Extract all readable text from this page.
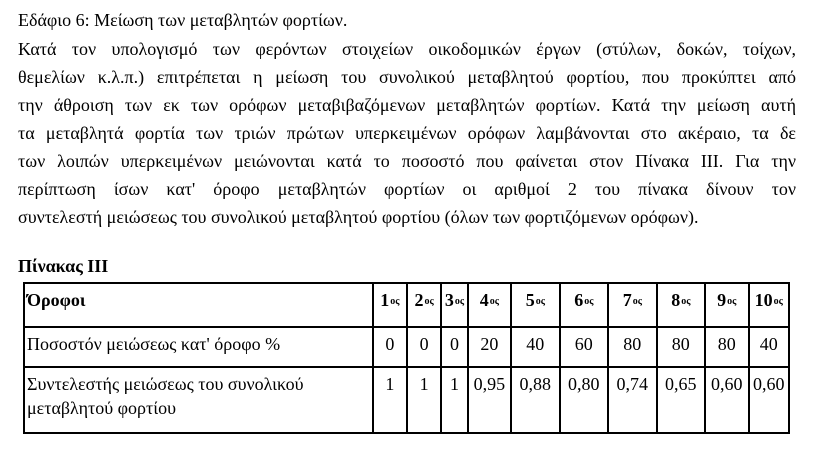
Εδάφιο 6: Μείωση των μεταβλητών φορτίων.
Κατά τον υπολογισμό των φερόντων στοιχείων οικοδομικών έργων (στύλων, δοκών, τοίχων,
θεμελίων κ.λ.π.) επιτρέπεται η μείωση του συνολικού μεταβλητού φορτίου, που προκύπτει από
την άθροιση των εκ των ορόφων μεταβιβαζόμενων μεταβλητών φορτίων. Κατά την μείωση αυτή
τα μεταβλητά φορτία των τριών πρώτων υπερκειμένων ορόφων λαμβάνονται στο ακέραιο, τα δε
των λοιπών υπερκειμένων μειώνονται κατά το ποσοστό που φαίνεται στον Πίνακα ΙΙΙ. Για την
περίπτωση ίσων κατ' όροφο μεταβλητών φορτίων οι αριθμοί 2 του πίνακα δίνουν τον
συντελεστή μειώσεως του συνολικού μεταβλητού φορτίου (όλων των φορτιζόμενων ορόφων).
Πίνακας ΙΙΙ
Όροφοι	$1^{o\varsigma}$	$2^{o\varsigma}$	$3^{o\varsigma}$	$4^{o\varsigma}$	$5^{o\varsigma}$	$6^{o\varsigma}$	$7^{o\varsigma}$	$8^{o\varsigma}$	$9^{o\varsigma}$	$10^{o\varsigma}$
Ποσοστόν μειώσεως κατ' όροφο %	0	0	0	20	40	60	80	80	80	40
Συντελεστής μειώσεως του συνολικού μεταβλητού φορτίου	1	1	1	0,95	0,88	0,80	0,74	0,65	0,60	0,60
